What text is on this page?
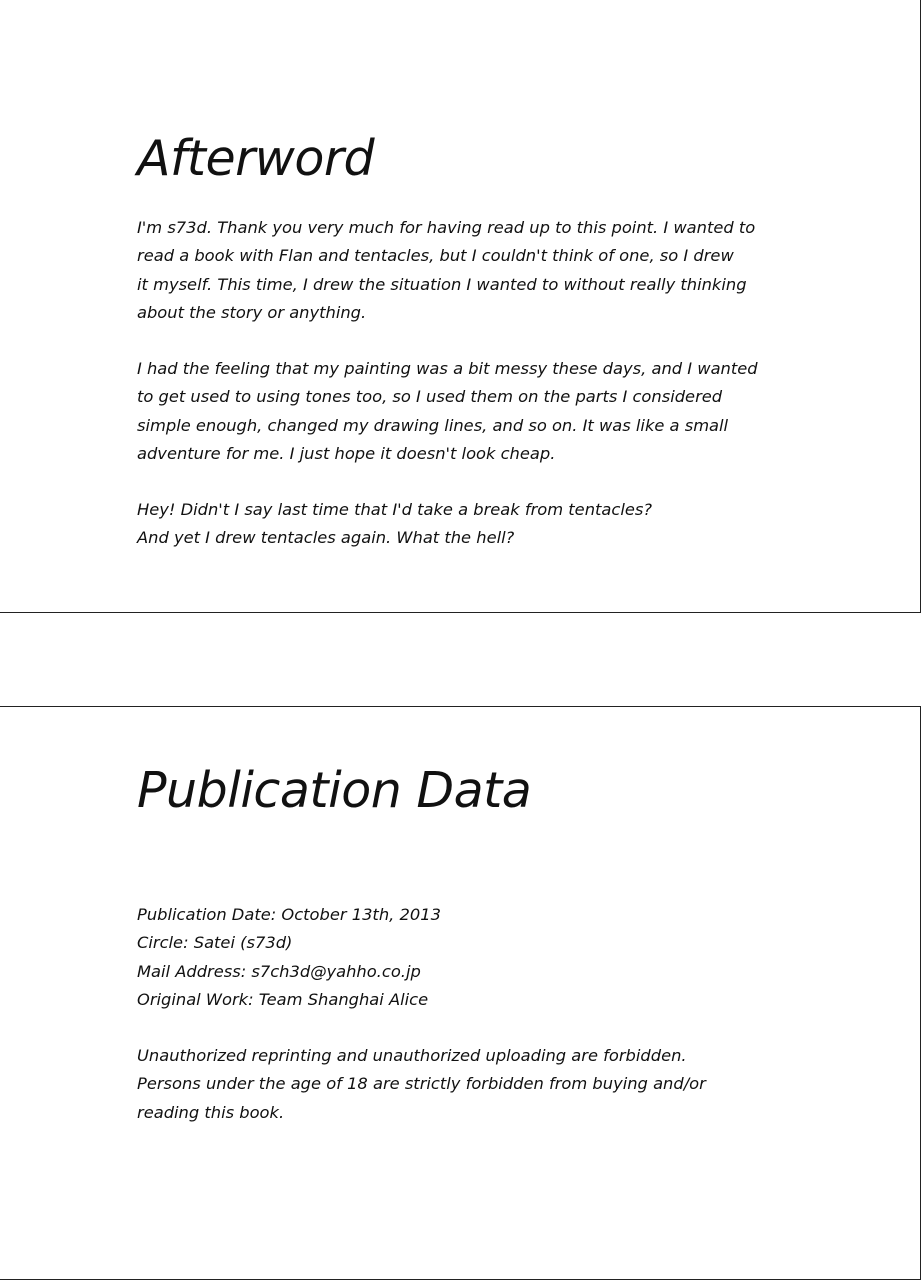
Afterword

I'm s73d. Thank you very much for having read up to this point. I wanted to
read a book with Flan and tentacles, but I couldn't think of one, so I drew
it myself. This time, I drew the situation I wanted to without really thinking
about the story or anything.

I had the feeling that my painting was a bit messy these days, and I wanted
to get used to using tones too, so I used them on the parts I considered
simple enough, changed my drawing lines, and so on. It was like a small
adventure for me. I just hope it doesn't look cheap.

Hey! Didn't I say last time that I'd take a break from tentacles?
And yet I drew tentacles again. What the hell?

Publication Data

Publication Date: October 13th, 2013
Circle: Satei (s73d)
Mail Address: s7ch3d@yahho.co.jp
Original Work: Team Shanghai Alice

Unauthorized reprinting and unauthorized uploading are forbidden.
Persons under the age of 18 are strictly forbidden from buying and/or
reading this book.
